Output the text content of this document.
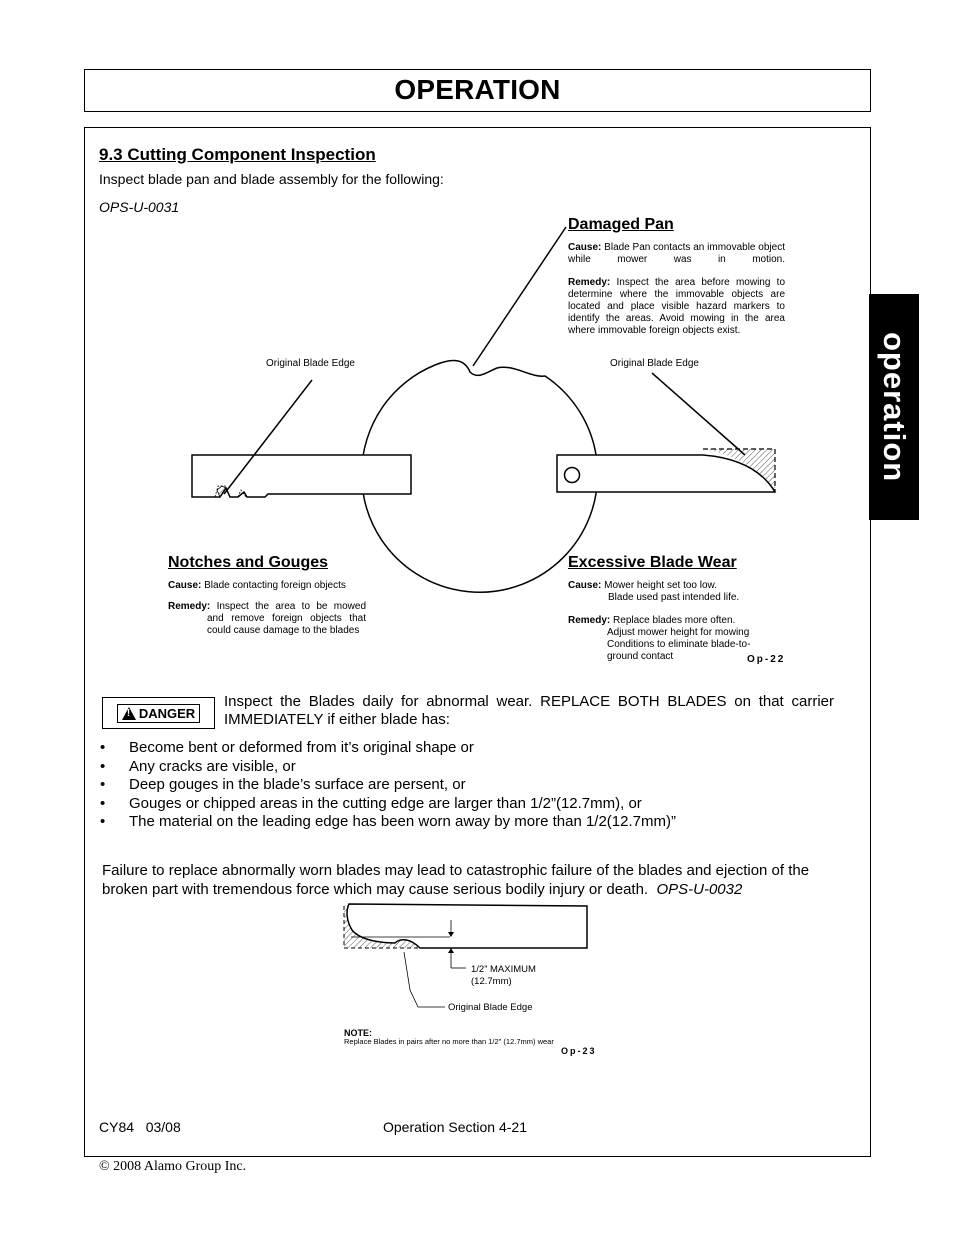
OPERATION
operation
9.3 Cutting Component Inspection
Inspect blade pan and blade assembly for the following:
OPS-U-0031
Original Blade Edge	Original Blade Edge
Damaged Pan
Cause: Blade Pan contacts an immovable object while mower was in motion.
Remedy: Inspect the area before mowing to determine where the immovable objects are located and place visible hazard markers to identify the areas. Avoid mowing in the area where immovable foreign objects exist.
Notches and Gouges
Cause: Blade contacting foreign objects
Remedy: Inspect the area to be mowed
and remove foreign objects that
could cause damage to the blades
Excessive Blade Wear
Cause: Mower height set too low.
Blade used past intended life.
Remedy: Replace blades more often.
Adjust mower height for mowing
Conditions to eliminate blade-to-
ground contact	Op-22
!
DANGER
Inspect the Blades daily for abnormal wear. REPLACE BOTH BLADES on that carrier IMMEDIATELY if either blade has:
•	Become bent or deformed from it’s original shape or
•	Any cracks are visible, or
•	Deep gouges in the blade’s surface are persent, or
•	Gouges or chipped areas in the cutting edge are larger than 1/2”(12.7mm), or
•	The material on the leading edge has been worn away by more than 1/2(12.7mm)”
Failure to replace abnormally worn blades may lead to catastrophic failure of the blades and ejection of the broken part with tremendous force which may cause serious bodily injury or death. OPS-U-0032
1/2” MAXIMUM
(12.7mm)
Original Blade Edge
NOTE:
Replace Blades in pairs after no more than 1/2" (12.7mm) wear
Op-23
CY84   03/08	Operation Section 4-21
© 2008 Alamo Group Inc.
